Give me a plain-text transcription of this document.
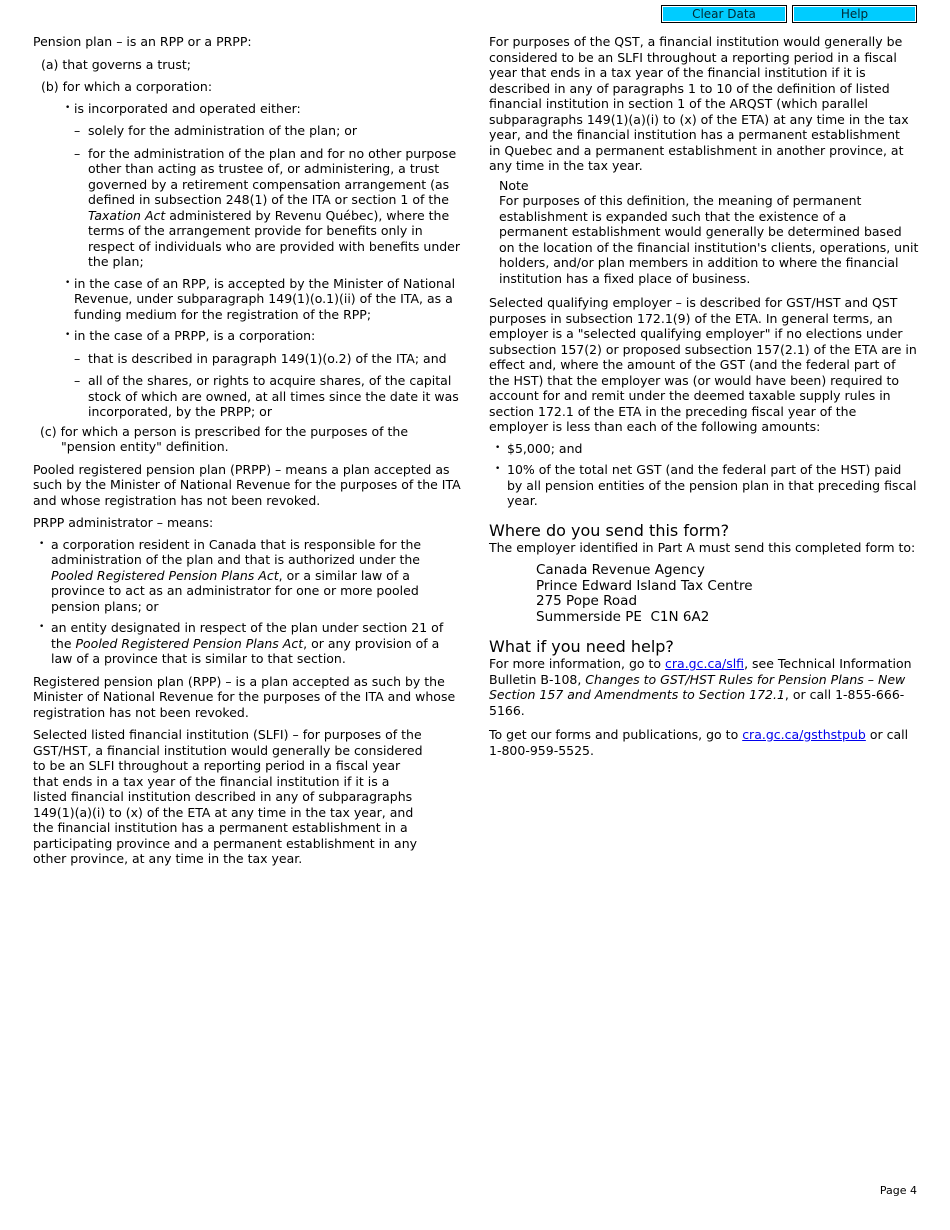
Clear Data	Help

Pension plan – is an RPP or a PRPP:

(a) that governs a trust;

(b) for which a corporation:

• is incorporated and operated either:

– solely for the administration of the plan; or

– for the administration of the plan and for no other purpose other than acting as trustee of, or administering, a trust governed by a retirement compensation arrangement (as defined in subsection 248(1) of the ITA or section 1 of the Taxation Act administered by Revenu Québec), where the terms of the arrangement provide for benefits only in respect of individuals who are provided with benefits under the plan;

• in the case of an RPP, is accepted by the Minister of National Revenue, under subparagraph 149(1)(o.1)(ii) of the ITA, as a funding medium for the registration of the RPP;

• in the case of a PRPP, is a corporation:

– that is described in paragraph 149(1)(o.2) of the ITA; and

– all of the shares, or rights to acquire shares, of the capital stock of which are owned, at all times since the date it was incorporated, by the PRPP; or

(c) for which a person is prescribed for the purposes of the "pension entity" definition.

Pooled registered pension plan (PRPP) – means a plan accepted as such by the Minister of National Revenue for the purposes of the ITA and whose registration has not been revoked.

PRPP administrator – means:

• a corporation resident in Canada that is responsible for the administration of the plan and that is authorized under the Pooled Registered Pension Plans Act, or a similar law of a province to act as an administrator for one or more pooled pension plans; or

• an entity designated in respect of the plan under section 21 of the Pooled Registered Pension Plans Act, or any provision of a law of a province that is similar to that section.

Registered pension plan (RPP) – is a plan accepted as such by the Minister of National Revenue for the purposes of the ITA and whose registration has not been revoked.

Selected listed financial institution (SLFI) – for purposes of the GST/HST, a financial institution would generally be considered to be an SLFI throughout a reporting period in a fiscal year that ends in a tax year of the financial institution if it is a listed financial institution described in any of subparagraphs 149(1)(a)(i) to (x) of the ETA at any time in the tax year, and the financial institution has a permanent establishment in a participating province and a permanent establishment in any other province, at any time in the tax year.

For purposes of the QST, a financial institution would generally be considered to be an SLFI throughout a reporting period in a fiscal year that ends in a tax year of the financial institution if it is described in any of paragraphs 1 to 10 of the definition of listed financial institution in section 1 of the ARQST (which parallel subparagraphs 149(1)(a)(i) to (x) of the ETA) at any time in the tax year, and the financial institution has a permanent establishment in Quebec and a permanent establishment in another province, at any time in the tax year.

Note

For purposes of this definition, the meaning of permanent establishment is expanded such that the existence of a permanent establishment would generally be determined based on the location of the financial institution's clients, operations, unit holders, and/or plan members in addition to where the financial institution has a fixed place of business.

Selected qualifying employer – is described for GST/HST and QST purposes in subsection 172.1(9) of the ETA. In general terms, an employer is a "selected qualifying employer" if no elections under subsection 157(2) or proposed subsection 157(2.1) of the ETA are in effect and, where the amount of the GST (and the federal part of the HST) that the employer was (or would have been) required to account for and remit under the deemed taxable supply rules in section 172.1 of the ETA in the preceding fiscal year of the employer is less than each of the following amounts:

• $5,000; and

• 10% of the total net GST (and the federal part of the HST) paid by all pension entities of the pension plan in that preceding fiscal year.

Where do you send this form?

The employer identified in Part A must send this completed form to:

Canada Revenue Agency

Prince Edward Island Tax Centre

275 Pope Road

Summerside PE  C1N 6A2

What if you need help?

For more information, go to cra.gc.ca/slfi, see Technical Information Bulletin B-108, Changes to GST/HST Rules for Pension Plans – New Section 157 and Amendments to Section 172.1, or call 1-855-666-5166.

To get our forms and publications, go to cra.gc.ca/gsthstpub or call 1-800-959-5525.

Page 4
